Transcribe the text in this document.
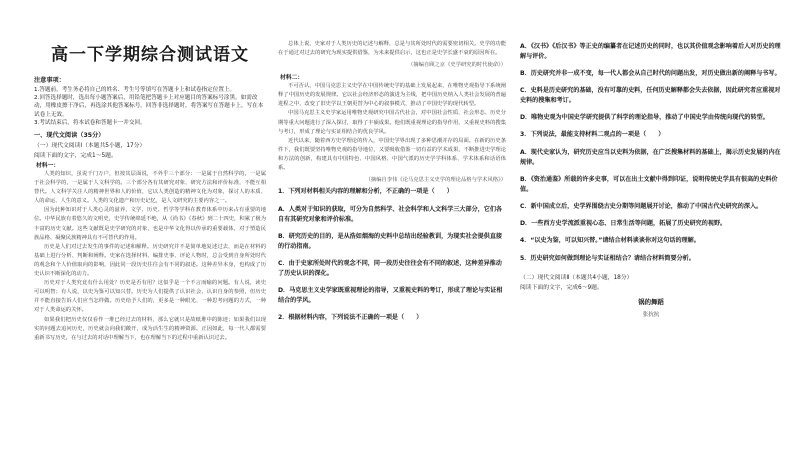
高一下学期综合测试语文
注意事项：

1.答题前，考生务必将自己的姓名、考生号等填写在答题卡上和试卷指定位置上。

2.回答选择题时，选出每小题答案后，用铅笔把答题卡上对应题目的答案标号涂黑。如需改动，用橡皮擦干净后，再选涂其他答案标号。回答非选择题时，将答案写在答题卡上，写在本试卷上无效。

3.考试结束后，将本试卷和答题卡一并交回。

一、现代文阅读（35分）
（一）现代文阅读Ⅰ（本题共5小题，17分）
阅读下面的文字，完成1～5题。
材料一：

人类的知识，虽说千门万户，但按其层面说，不外乎三个部分：一是属于自然科学的，一是属于社会科学的，一是属于人文科学的。三个部分各有其研究对象、研究方法和评价标准，不能互相替代。人文科学关注人的精神世界和人的价值，它以人类创造的精神文化为对象，探讨人的本质、人的命运、人生的意义。人类的文化遗产和历史记忆，是人文研究的主要内容之一。

因为此种知识对于人类心灵的滋养，文学、历史、哲学等学科在教育体系中历来占有重要的地位。中华民族有着悠久的文明史，史学传统绵延不绝，从《尚书》《春秋》到二十四史，积累了极为丰富的历史文献。这些文献既是史学研究的对象，也是中华文化得以传承的重要载体，对于塑造民族品格、凝聚民族精神具有不可替代的作用。

历史是人们对过去发生的事件的记述和解释。历史研究并不是简单地复述过去，而是在材料的基础上进行分析、判断和阐释。史家在选择材料、编排史事、评论人物时，总会受到自身所处时代的观念和个人价值取向的影响，因此同一段历史往往会有不同的叙述。这种差异本身，也构成了历史认识不断深化的动力。

历史对于人类究竟有什么用处？历史是否有用？这似乎是一个不言而喻的问题。有人说，读史可以明智；有人说，以史为鉴可以知兴替。历史为人们提供了认识社会、认识自身的参照，但历史并不能直接告诉人们应当怎样做。历史给予人们的，更多是一种眼光、一种思考问题的方式，一种对于人类命运的关怀。

如果我们把历史仅仅看作一堆已经过去的材料，那么它就只是故纸堆中的陈迹；如果我们以现实的问题去追问历史，历史就会向我们敞开，成为活生生的精神资源。正因如此，每一代人都需要重新书写历史，在与过去的对话中理解当下，也在理解当下的过程中重新认识过去。

总体上说，史家对于人类历史的记述与解释，总是与其所处时代的需要密切相关。史学的功能在于通过对过去的研究为现实提供借鉴，为未来提供启示，这也正是史学长盛不衰的原因所在。

（摘编自顾之京《史学研究的时代使命》）
材料二：

不可否认，中国马克思主义史学在中国传统史学的基础上发展起来，在唯物史观指导下系统阐释了中国历史的发展规律。它以社会经济形态的演进为主线，把中国历史纳入人类社会发展的普遍进程之中，改变了旧史学以王朝更替为中心的叙事模式，推动了中国史学的现代转型。

中国马克思主义史学家运用唯物史观研究中国古代社会，对中国社会性质、社会形态、历史分期等重大问题进行了深入探讨，取得了丰硕成果。他们既重视理论的指导作用，又重视史料的搜集与考订，形成了理论与实证相结合的优良学风。

近代以来，随着西方史学理论的传入，中国史学界出现了多种思潮并存的局面。在新的历史条件下，我们既要坚持唯物史观的指导地位，又要吸收借鉴一切有益的学术成果，不断推进史学理论和方法的创新，构建具有中国特色、中国风格、中国气派的历史学学科体系、学术体系和话语体系。

（摘编自李伟《论马克思主义史学的理论品格与学术风格》）
1．下列对材料相关内容的理解和分析，不正确的一项是（　　）
A．人类对于知识的获取，可分为自然科学、社会科学和人文科学三大部分，它们各自有其研究对象和评价标准。
B．研究历史的目的，是从浩如烟海的史料中总结出经验教训，为现实社会提供直接的行动指南。
C．由于史家所处时代的观念不同，同一段历史往往会有不同的叙述，这种差异推动了历史认识的深化。
D．马克思主义史学家既重视理论的指导，又重视史料的考订，形成了理论与实证相结合的学风。
2．根据材料内容，下列说法不正确的一项是（　　）
A．《汉书》《后汉书》等正史的编纂者在记述历史的同时，也以其价值观念影响着后人对历史的理解与评价。
B．历史研究并非一成不变，每一代人都会从自己时代的问题出发，对历史做出新的阐释与书写。
C．史料是历史研究的基础，没有可靠的史料，任何历史解释都会失去依据，因此研究者应重视对史料的搜集和考订。
D．唯物史观为中国史学研究提供了科学的理论指导，推动了中国史学由传统向现代的转型。
3．下列说法，最能支持材料二观点的一项是（　　）
A．现代史家认为，研究历史应当以史料为依据，在广泛搜集材料的基础上，揭示历史发展的内在规律。
B．《资治通鉴》所载的许多史事，可以在出土文献中得到印证，说明传统史学具有很高的史料价值。
C．新中国成立后，史学界围绕古史分期等问题展开讨论，推动了中国古代史研究的深入。
D．一些西方史学流派重视心态、日常生活等问题，拓展了历史研究的视野。
4．“以史为鉴，可以知兴替。”请结合材料谈谈你对这句话的理解。
5．历史研究如何做到理论与实证相结合？请结合材料简要分析。
（二）现代文阅读Ⅱ（本题共4小题，18分）
阅读下面的文字，完成6～9题。
锅的舞蹈
张抗抗
